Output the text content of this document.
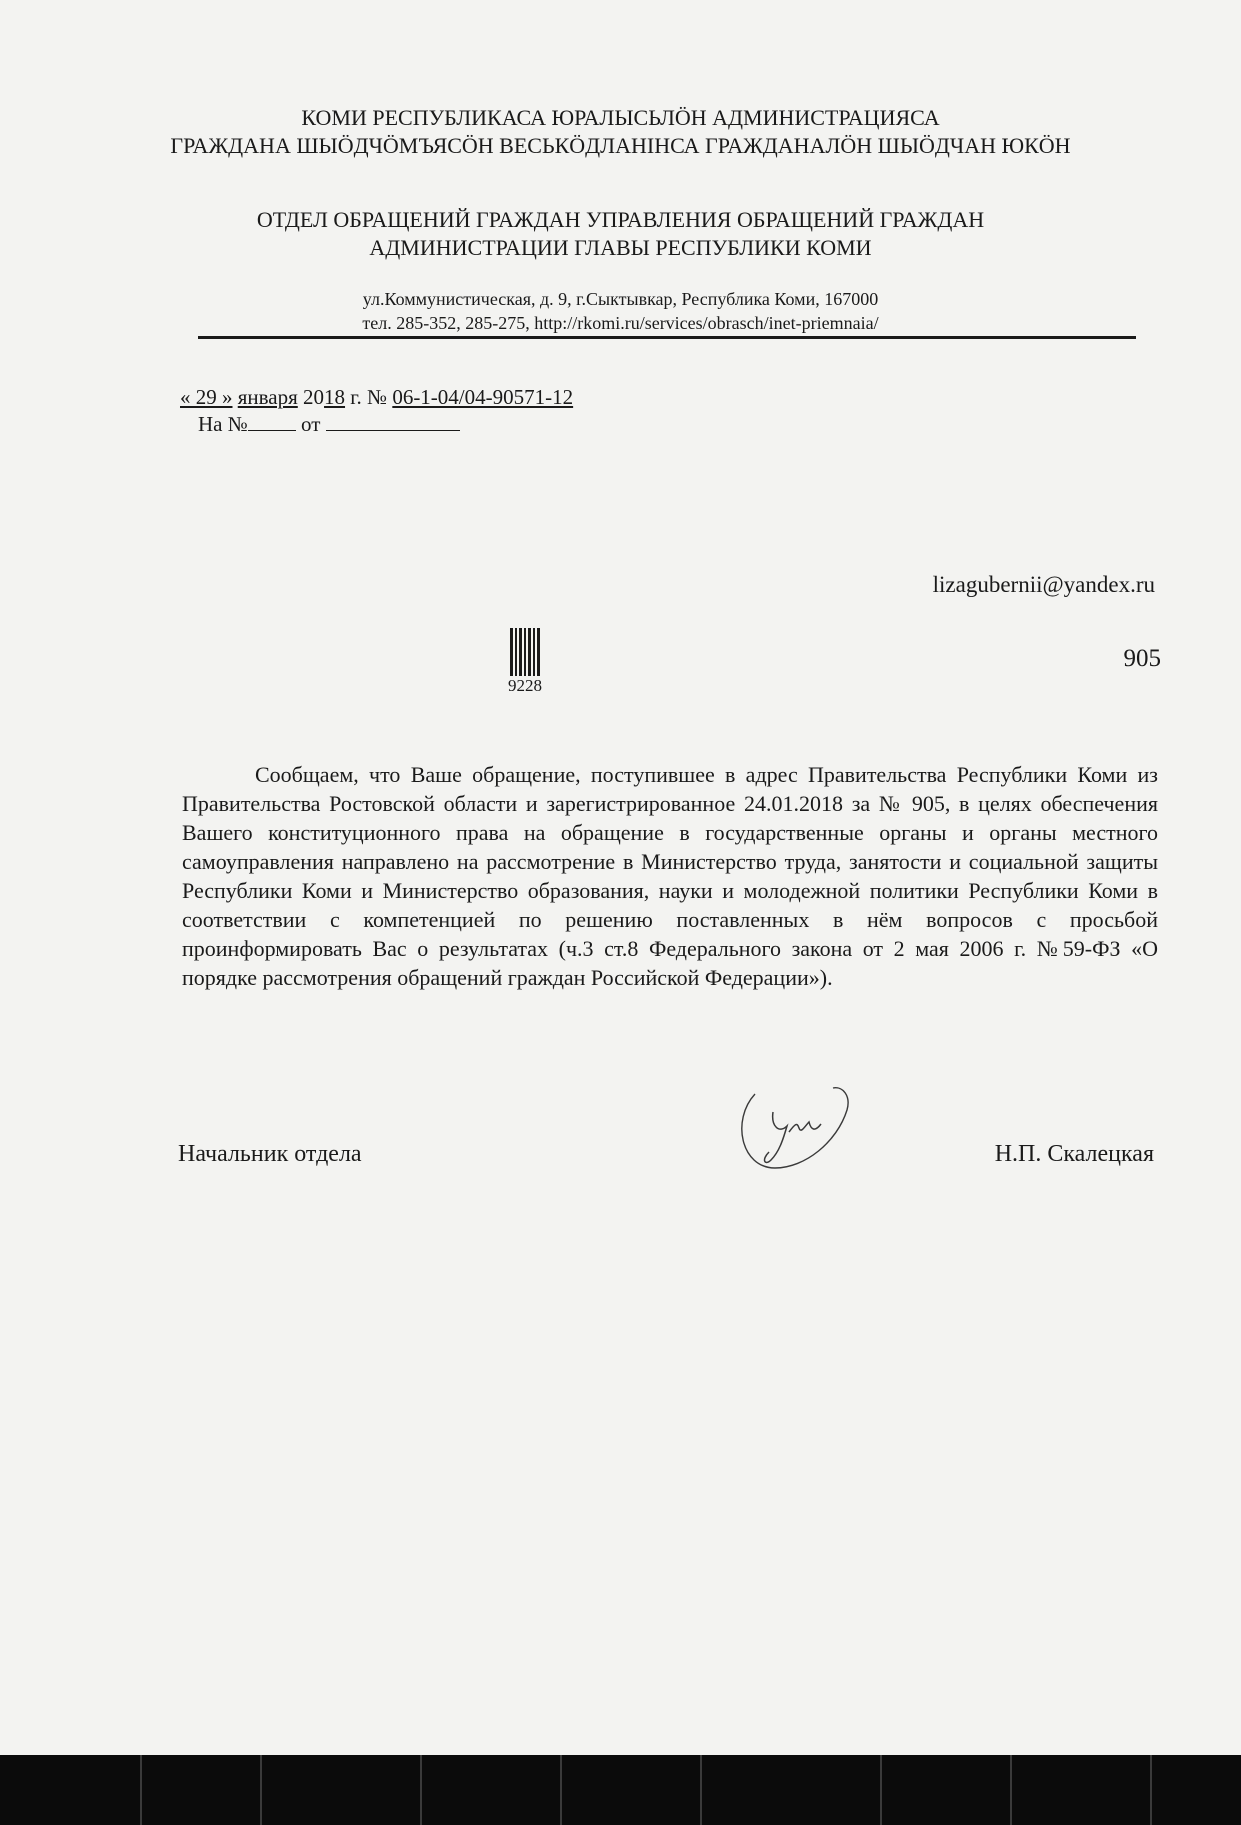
КОМИ РЕСПУБЛИКАСА ЮРАЛЫСЬЛӦН АДМИНИСТРАЦИЯСА
ГРАЖДАНА ШЫӦДЧӦМЪЯСӦН ВЕСЬКӦДЛАНІНСА ГРАЖДАНАЛӦН ШЫӦДЧАН ЮКӦН
ОТДЕЛ ОБРАЩЕНИЙ ГРАЖДАН УПРАВЛЕНИЯ ОБРАЩЕНИЙ ГРАЖДАН
АДМИНИСТРАЦИИ ГЛАВЫ РЕСПУБЛИКИ КОМИ
ул.Коммунистическая, д. 9, г.Сыктывкар, Республика Коми, 167000
тел. 285-352, 285-275, http://rkomi.ru/services/obrasch/inet-priemnaia/
« 29 » января 2018 г. № 06-1-04/04-90571-12
На №	от
lizagubernii@yandex.ru
905
9228

Сообщаем, что Ваше обращение, поступившее в адрес Правительства Республики Коми из Правительства Ростовской области и зарегистрированное 24.01.2018 за № 905, в целях обеспечения Вашего конституционного права на обращение в государственные органы и органы местного самоуправления направлено на рассмотрение в Министерство труда, занятости и социальной защиты Республики Коми и Министерство образования, науки и молодежной политики Республики Коми в соответствии с компетенцией по решению поставленных в нём вопросов с просьбой проинформировать Вас о результатах (ч.3 ст.8 Федерального закона от 2 мая 2006 г. №59-ФЗ «О порядке рассмотрения обращений граждан Российской Федерации»).

Начальник отдела	Н.П. Скалецкая
